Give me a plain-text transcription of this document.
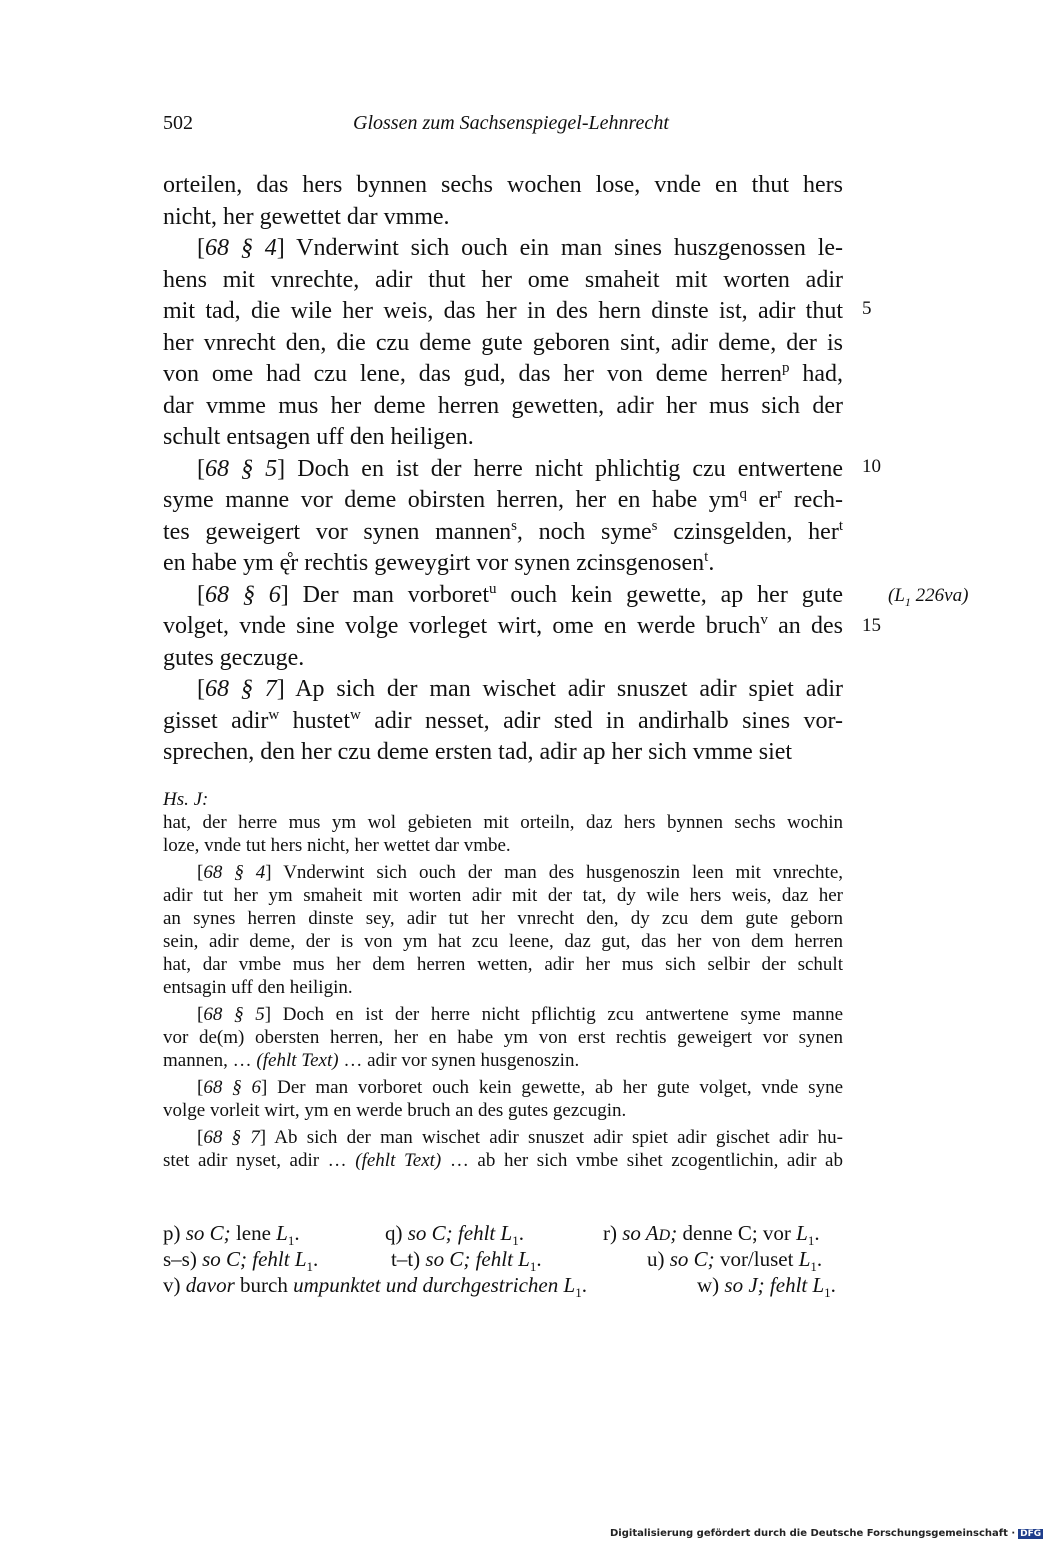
502	Glossen zum Sachsenspiegel-Lehnrecht
orteilen, das hers bynnen sechs wochen lose, vnde en thut hers
nicht, her gewettet dar vmme.
[68 § 4] Vnderwint sich ouch ein man sines huszgenossen le-
hens mit vnrechte, adir thut her ome smaheit mit worten adir
mit tad, die wile her weis, das her in des hern dinste ist, adir thut
her vnrecht den, die czu deme gute geboren sint, adir deme, der is
von ome had czu lene, das gud, das her von deme herren$^p$ had,
dar vmme mus her deme herren gewetten, adir her mus sich der
schult entsagen uff den heiligen.
[68 § 5] Doch en ist der herre nicht phlichtig czu entwertene
syme manne vor deme obirsten herren, her en habe $ym^q$ $er^r$ rech-
tes geweigert vor synen mannen$^s$, noch syme$^s$ czinsgelden, her$^t$
en habe ym ę̊r rechtis geweygirt vor synen zcinsgenosen$^t$.
[68 § 6] Der man vorboret$^u$ ouch kein gewette, ap her gute
volget, vnde sine volge vorleget wirt, ome en werde bruch$^v$ an des
gutes geczuge.
[68 § 7] Ap sich der man wischet adir snuszet adir spiet adir
gisset adir$^w$ hustet$^w$ adir nesset, adir sted in andirhalb sines vor-
sprechen, den her czu deme ersten tad, adir ap her sich vmme siet
5
10
15
($L_1$ 226va)
Hs. J:
hat, der herre mus ym wol gebieten mit orteiln, daz hers bynnen sechs wochin
loze, vnde tut hers nicht, her wettet dar vmbe.
[68 § 4] Vnderwint sich ouch der man des husgenoszin leen mit vnrechte,
adir tut her ym smaheit mit worten adir mit der tat, dy wile hers weis, daz her
an synes herren dinste sey, adir tut her vnrecht den, dy zcu dem gute geborn
sein, adir deme, der is von ym hat zcu leene, daz gut, das her von dem herren
hat, dar vmbe mus her dem herren wetten, adir her mus sich selbir der schult
entsagin uff den heiligin.
[68 § 5] Doch en ist der herre nicht pflichtig zcu antwertene syme manne
vor de(m) obersten herren, her en habe ym von erst rechtis geweigert vor synen
mannen, … (fehlt Text) … adir vor synen husgenoszin.
[68 § 6] Der man vorboret ouch kein gewette, ab her gute volget, vnde syne
volge vorleit wirt, ym en werde bruch an des gutes gezcugin.
[68 § 7] Ab sich der man wischet adir snuszet adir spiet adir gischet adir hu-
stet adir nyset, adir … (fehlt Text) … ab her sich vmbe sihet zcogentlichin, adir ab
p) so C; lene $L_1$.	q) so C; fehlt $L_1$.	r) so AD; denne C; vor $L_1$.
s–s) so C; fehlt $L_1$.	t–t) so C; fehlt $L_1$.	u) so C; vor/luset $L_1$.
v) davor burch umpunktet und durchgestrichen $L_1$.	w) so J; fehlt $L_1$.
Digitalisierung gefördert durch die Deutsche Forschungsgemeinschaft · DFG
